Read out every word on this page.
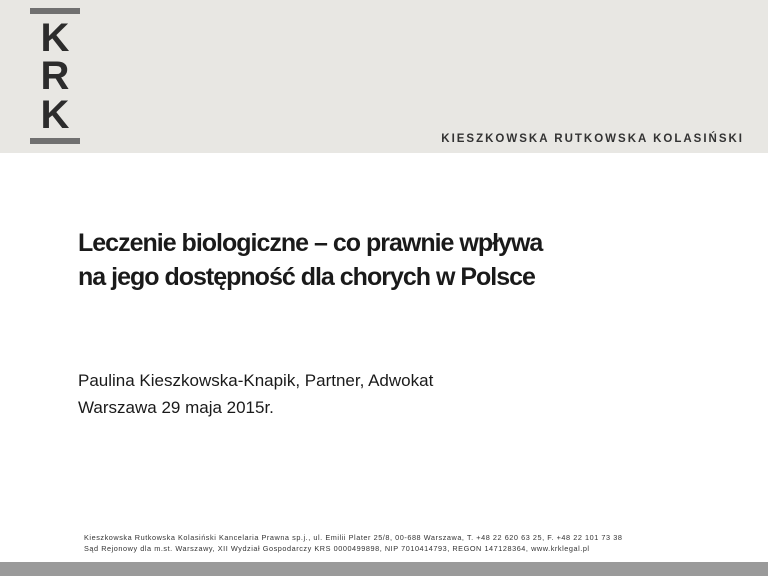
K
R
K
KIESZKOWSKA RUTKOWSKA KOLASIŃSKI
Leczenie biologiczne – co prawnie wpływa
na jego dostępność dla chorych w Polsce
Paulina Kieszkowska-Knapik, Partner, Adwokat
Warszawa 29 maja 2015r.
Kieszkowska Rutkowska Kolasiński Kancelaria Prawna sp.j., ul. Emilii Plater 25/8, 00-688 Warszawa, T. +48 22 620 63 25, F. +48 22 101 73 38
Sąd Rejonowy dla m.st. Warszawy, XII Wydział Gospodarczy KRS 0000499898, NIP 7010414793, REGON 147128364, www.krklegal.pl
